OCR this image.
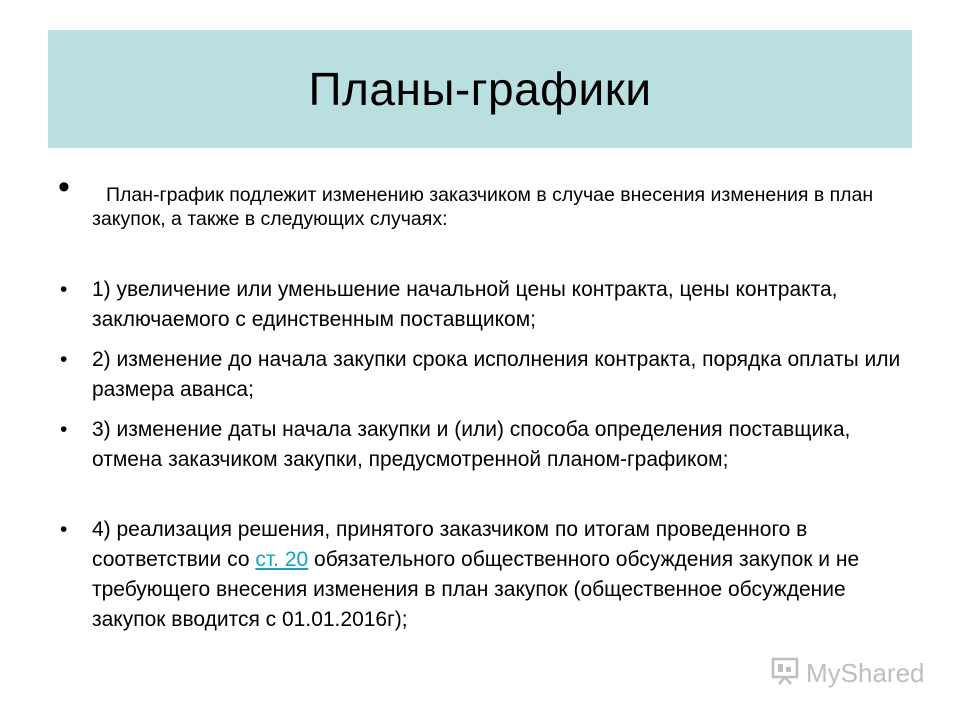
Планы-графики
•	План-график подлежит изменению заказчиком в случае внесения изменения в план закупок, а также в следующих случаях:
• 1) увеличение или уменьшение начальной цены контракта, цены контракта, заключаемого с единственным поставщиком;
• 2) изменение до начала закупки срока исполнения контракта, порядка оплаты или размера аванса;
• 3) изменение даты начала закупки и (или) способа определения поставщика, отмена заказчиком закупки, предусмотренной планом-графиком;
• 4) реализация решения, принятого заказчиком по итогам проведенного в соответствии со ст. 20 обязательного общественного обсуждения закупок и не требующего внесения изменения в план закупок (общественное обсуждение закупок вводится с 01.01.2016г);
MyShared
